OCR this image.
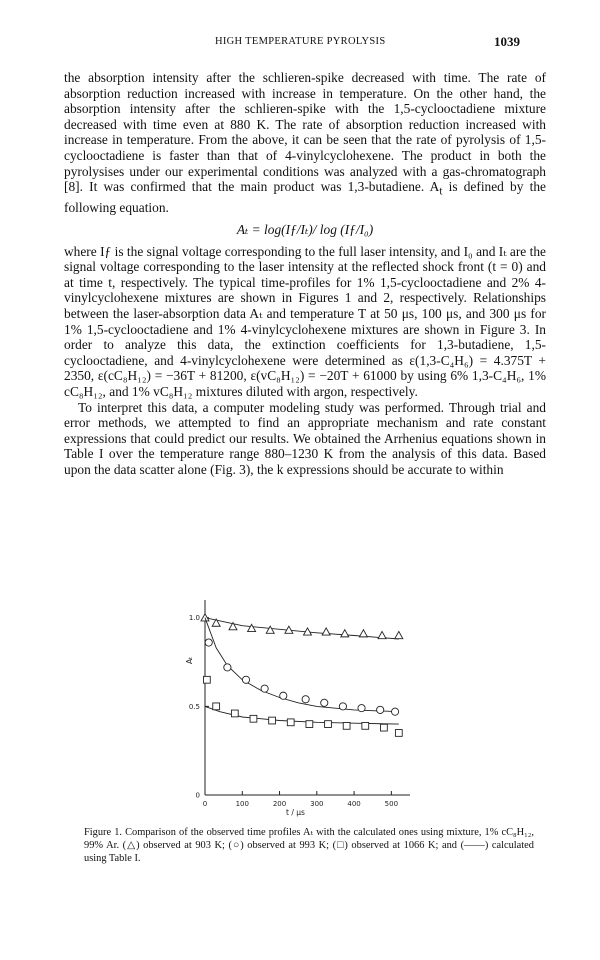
HIGH TEMPERATURE PYROLYSIS	1039

the absorption intensity after the schlieren-spike decreased with time. The rate of absorption reduction increased with increase in temperature. On the other hand, the absorption intensity after the schlieren-spike with the 1,5-cyclooctadiene mixture decreased with time even at 880 K. The rate of absorption reduction increased with increase in temperature. From the above, it can be seen that the rate of pyrolysis of 1,5-cyclooctadiene is faster than that of 4-vinylcyclohexene. The product in both the pyrolysises under our experimental conditions was analyzed with a gas-chromatograph [8]. It was confirmed that the main product was 1,3-butadiene. $A_t$ is defined by the following equation.

Aₜ = log(Iƒ/Iₜ)/ log (Iƒ/I₀)

where Iƒ is the signal voltage corresponding to the full laser intensity, and I₀ and Iₜ are the signal voltage corresponding to the laser intensity at the reflected shock front (t = 0) and at time t, respectively. The typical time-profiles for 1% 1,5-cyclooctadiene and 2% 4-vinylcyclohexene mixtures are shown in Figures 1 and 2, respectively. Relationships between the laser-absorption data Aₜ and temperature T at 50 μs, 100 μs, and 300 μs for 1% 1,5-cyclooctadiene and 1% 4-vinylcyclohexene mixtures are shown in Figure 3. In order to analyze this data, the extinction coefficients for 1,3-butadiene, 1,5-cyclooctadiene, and 4-vinylcyclohexene were determined as ε(1,3-C₄H₆) = 4.375T + 2350, ε(cC₈H₁₂) = −36T + 81200, ε(vC₈H₁₂) = −20T + 61000 by using 6% 1,3-C₄H₆, 1% cC₈H₁₂, and 1% vC₈H₁₂ mixtures diluted with argon, respectively.

To interpret this data, a computer modeling study was performed. Through trial and error methods, we attempted to find an appropriate mechanism and rate constant expressions that could predict our results. We obtained the Arrhenius equations shown in Table I over the temperature range 880–1230 K from the analysis of this data. Based upon the data scatter alone (Fig. 3), the k expressions should be accurate to within

0	100	200	300	400	500
0
0.5
1.0
t / μs
Aₜ
Figure 1. Comparison of the observed time profiles Aₜ with the calculated ones using mixture, 1% cC₈H₁₂, 99% Ar. (△) observed at 903 K; (○) observed at 993 K; (□) observed at 1066 K; and (——) calculated using Table I.
